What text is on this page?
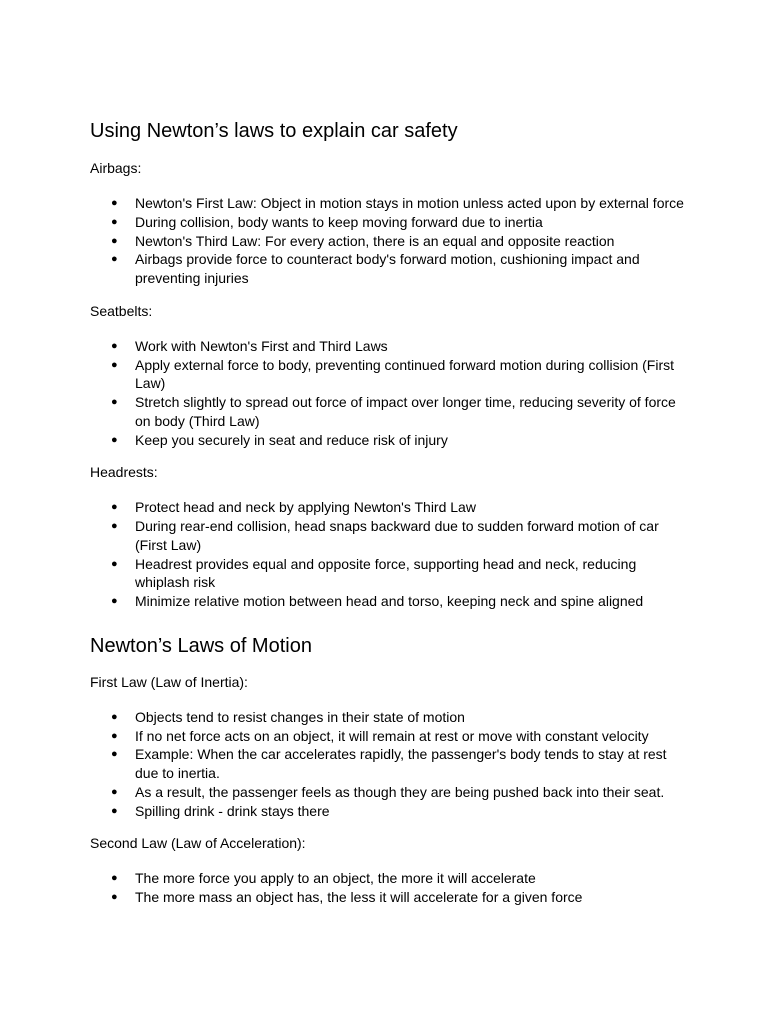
Using Newton’s laws to explain car safety

Airbags:

● Newton's First Law: Object in motion stays in motion unless acted upon by external force
● During collision, body wants to keep moving forward due to inertia
● Newton's Third Law: For every action, there is an equal and opposite reaction
● Airbags provide force to counteract body's forward motion, cushioning impact and preventing injuries

Seatbelts:

● Work with Newton's First and Third Laws
● Apply external force to body, preventing continued forward motion during collision (First Law)
● Stretch slightly to spread out force of impact over longer time, reducing severity of force on body (Third Law)
● Keep you securely in seat and reduce risk of injury

Headrests:

● Protect head and neck by applying Newton's Third Law
● During rear-end collision, head snaps backward due to sudden forward motion of car (First Law)
● Headrest provides equal and opposite force, supporting head and neck, reducing whiplash risk
● Minimize relative motion between head and torso, keeping neck and spine aligned
Newton’s Laws of Motion

First Law (Law of Inertia):

● Objects tend to resist changes in their state of motion
● If no net force acts on an object, it will remain at rest or move with constant velocity
● Example: When the car accelerates rapidly, the passenger's body tends to stay at rest due to inertia.
● As a result, the passenger feels as though they are being pushed back into their seat.
● Spilling drink - drink stays there

Second Law (Law of Acceleration):

● The more force you apply to an object, the more it will accelerate
● The more mass an object has, the less it will accelerate for a given force
